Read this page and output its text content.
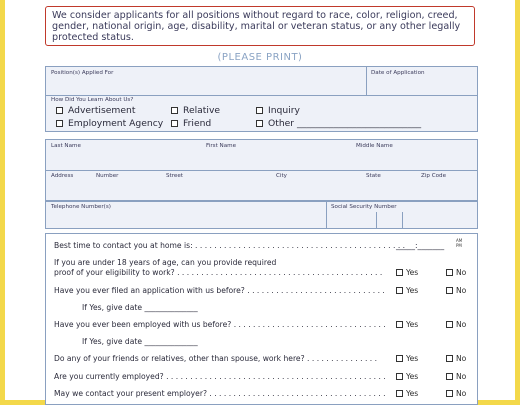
We consider applicants for all positions without regard to race, color, religion, creed, gender, national origin, age, disability, marital or veteran status, or any other legally protected status.
(PLEASE PRINT)
Position(s) Applied For	Date of Application
How Did You Learn About Us?
Advertisement
Employment Agency
Relative
Friend
Inquiry
Other ___________________________
Last Name	First Name	Middle Name
Address	Number	Street	City	State	Zip Code
Telephone Number(s)	Social Security Number
Best time to contact you at home is: . . . . . . . . . . . . . . . . . . . . . . . . . . . . . . . . . . . . . . . . . . . .
_____:_______
AM
PM
If you are under 18 years of age, can you provide required
proof of your eligibility to work? . . . . . . . . . . . . . . . . . . . . . . . . . . . . . . . . . . . . . . . . . . .	Yes	No
Have you ever filed an application with us before? . . . . . . . . . . . . . . . . . . . . . . . . . . . . .	Yes	No
If Yes, give date ______________
Have you ever been employed with us before? . . . . . . . . . . . . . . . . . . . . . . . . . . . . . . . .	Yes	No
If Yes, give date ______________
Do any of your friends or relatives, other than spouse, work here? . . . . . . . . . . . . . . .	Yes	No
Are you currently employed? . . . . . . . . . . . . . . . . . . . . . . . . . . . . . . . . . . . . . . . . . . . . . .	Yes	No
May we contact your present employer? . . . . . . . . . . . . . . . . . . . . . . . . . . . . . . . . . . . . .	Yes	No
